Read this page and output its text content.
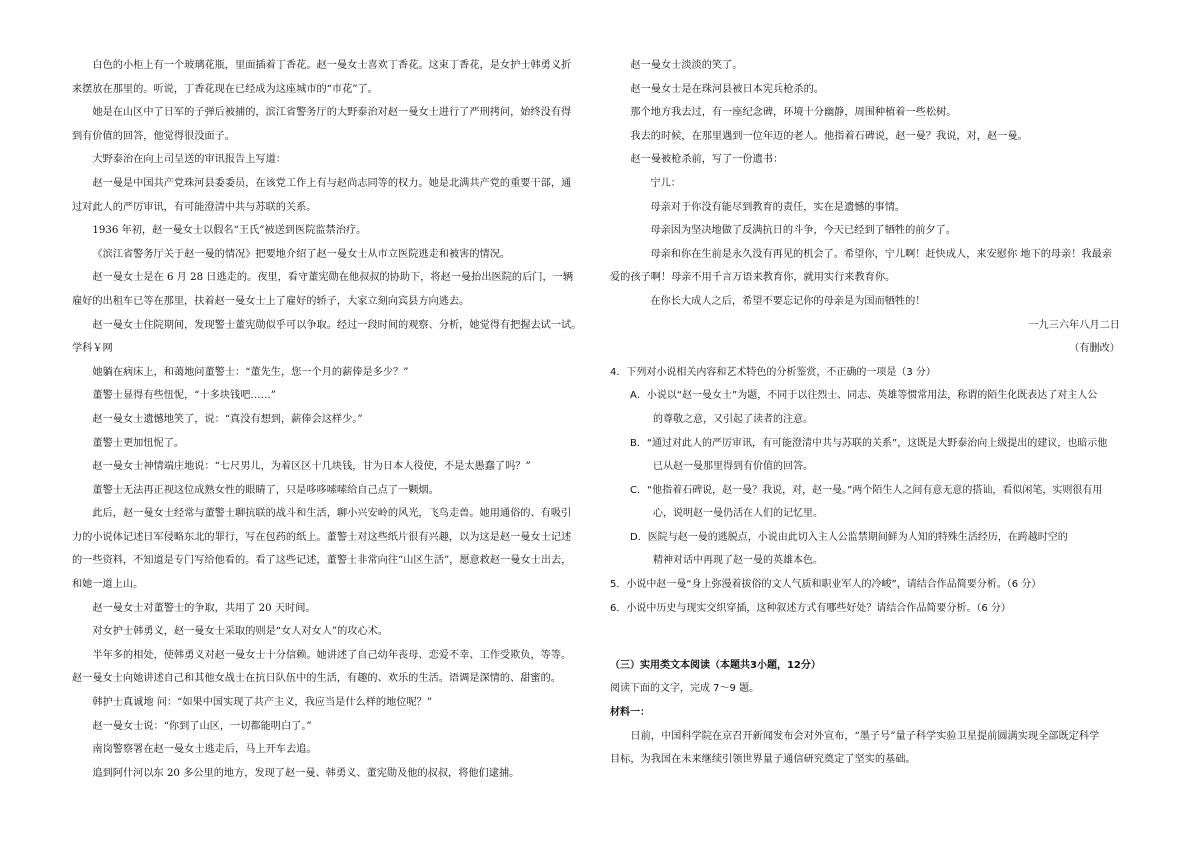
白色的小柜上有一个玻璃花瓶，里面插着丁香花。赵一曼女士喜欢丁香花。这束丁香花，是女护士韩勇义折

来摆放在那里的。听说，丁香花现在已经成为这座城市的“市花”了。

她是在山区中了日军的子弹后被捕的，滨江省警务厅的大野泰治对赵一曼女士进行了严刑拷问，始终没有得

到有价值的回答，他觉得很没面子。

大野泰治在向上司呈送的审讯报告上写道：

赵一曼是中国共产党珠河县委委员，在该党工作上有与赵尚志同等的权力。她是北满共产党的重要干部，通

过对此人的严厉审讯，有可能澄清中共与苏联的关系。

1936 年初，赵一曼女士以假名“王氏”被送到医院监禁治疗。

《滨江省警务厅关于赵一曼的情况》把要地介绍了赵一曼女士从市立医院逃走和被害的情况。

赵一曼女士是在 6 月 28 日逃走的。夜里，看守董宪勋在他叔叔的协助下，将赵一曼抬出医院的后门，一辆

雇好的出租车已等在那里，扶着赵一曼女士上了雇好的轿子，大家立刻向宾县方向逃去。

赵一曼女士住院期间，发现警士董宪勋似乎可以争取。经过一段时间的观察、分析，她觉得有把握去试一试。

学科￥网

她躺在病床上，和蔼地问董警士：“董先生，您一个月的薪俸是多少？”

董警士显得有些忸怩，“十多块钱吧……”

赵一曼女士遗憾地笑了，说：“真没有想到，薪俸会这样少。”

董警士更加忸怩了。

赵一曼女士神情端庄地说：“七尺男儿，为着区区十几块钱，甘为日本人役使，不是太愚蠢了吗？”

董警士无法再正视这位成熟女性的眼睛了，只是哆哆嗦嗦给自己点了一颗烟。

此后，赵一曼女士经常与董警士聊抗联的战斗和生活，聊小兴安岭的风光，飞鸟走兽。她用通俗的、有吸引

力的小说体记述日军侵略东北的罪行，写在包药的纸上。董警士对这些纸片很有兴趣，以为这是赵一曼女士记述

的一些资料，不知道是专门写给他看的。看了这些记述，董警士非常向往“山区生活”，愿意救赵一曼女士出去，

和她一道上山。

赵一曼女士对董警士的争取，共用了 20 天时间。

对女护士韩勇义，赵一曼女士采取的则是“女人对女人”的攻心术。

半年多的相处，使韩勇义对赵一曼女士十分信赖。她讲述了自己幼年丧母、恋爱不幸、工作受欺负，等等。

赵一曼女士向她讲述自己和其他女战士在抗日队伍中的生活，有趣的、欢乐的生活。语调是深情的、甜蜜的。

韩护士真诚地 问：“如果中国实现了共产主义，我应当是什么样的地位呢？”

赵一曼女士说：“你到了山区，一切都能明白了。”

南岗警察署在赵一曼女士逃走后，马上开车去追。

追到阿什河以东 20 多公里的地方，发现了赵一曼、韩勇义、董宪勋及他的叔叔，将他们逮捕。

赵一曼女士淡淡的笑了。

赵一曼女士是在珠河县被日本宪兵枪杀的。

那个地方我去过，有一座纪念碑，环境十分幽静，周围种植着一些松树。

我去的时候，在那里遇到一位年迈的老人。他指着石碑说，赵一曼？我说，对，赵一曼。

赵一曼被枪杀前，写了一份遗书：

宁儿：

母亲对于你没有能尽到教育的责任，实在是遗憾的事情。

母亲因为坚决地做了反满抗日的斗争，今天已经到了牺牲的前夕了。

母亲和你在生前是永久没有再见的机会了。希望你，宁儿啊！赶快成人，来安慰你 地下的母亲！我最亲

爱的孩子啊！母亲不用千言万语来教育你，就用实行来教育你。

在你长大成人之后，希望不要忘记你的母亲是为国而牺牲的！

一九三六年八月二日

（有删改）

4．下列对小说相关内容和艺术特色的分析鉴赏，不正确的一项是（3 分）

A．小说以“赵一曼女士”为题，不同于以往烈士、同志、英雄等惯常用法，称谓的陌生化既表达了对主人公

的尊敬之意，又引起了读者的注意。

B．“通过对此人的严厉审讯，有可能澄清中共与苏联的关系”，这既是大野泰治向上级提出的建议，也暗示他

已从赵一曼那里得到有价值的回答。

C．“他指着石碑说，赵一曼？我说，对，赵一曼。”两个陌生人之间有意无意的搭讪，看似闲笔，实则很有用

心，说明赵一曼仍活在人们的记忆里。

D．医院与赵一曼的逃脱点，小说由此切入主人公监禁期间鲜为人知的特殊生活经历，在跨越时空的

精神对话中再现了赵一曼的英雄本色。

5．小说中赵一曼“身上弥漫着拔俗的文人气质和职业军人的冷峻”，请结合作品简要分析。（6 分）

6．小说中历史与现实交织穿插，这种叙述方式有哪些好处？请结合作品简要分析。（6 分）

（三）实用类文本阅读（本题共3小题，12分）

阅读下面的文字，完成 7～9 题。

材料一：

日前，中国科学院在京召开新闻发布会对外宣布，“墨子号”量子科学实验卫星提前圆满实现全部既定科学

目标，为我国在未来继续引领世界量子通信研究奠定了坚实的基础。
